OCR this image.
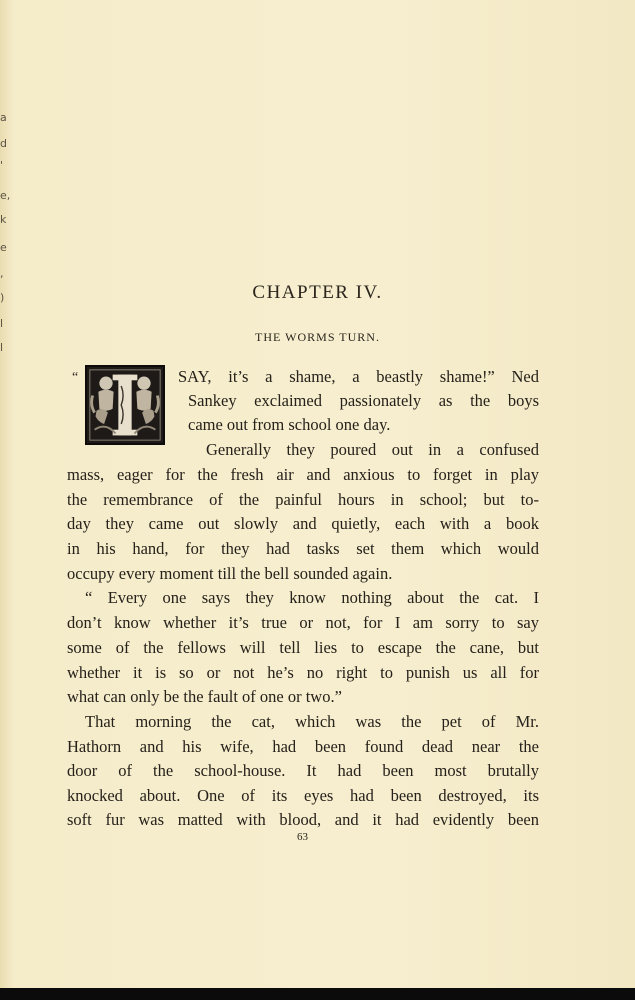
a
d
'
e,
k
e
,
)
l
l
CHAPTER IV.
THE WORMS TURN.
“	SAY, it’s a shame, a beastly shame!” Ned

Sankey exclaimed passionately as the boys

came out from school one day.

Generally they poured out in a confused

mass, eager for the fresh air and anxious to forget in play

the remembrance of the painful hours in school; but to-

day they came out slowly and quietly, each with a book

in his hand, for they had tasks set them which would

occupy every moment till the bell sounded again.

“ Every one says they know nothing about the cat. I

don’t know whether it’s true or not, for I am sorry to say

some of the fellows will tell lies to escape the cane, but

whether it is so or not he’s no right to punish us all for

what can only be the fault of one or two.”

That morning the cat, which was the pet of Mr.

Hathorn and his wife, had been found dead near the

door of the school-house. It had been most brutally

knocked about. One of its eyes had been destroyed, its

soft fur was matted with blood, and it had evidently been

63
